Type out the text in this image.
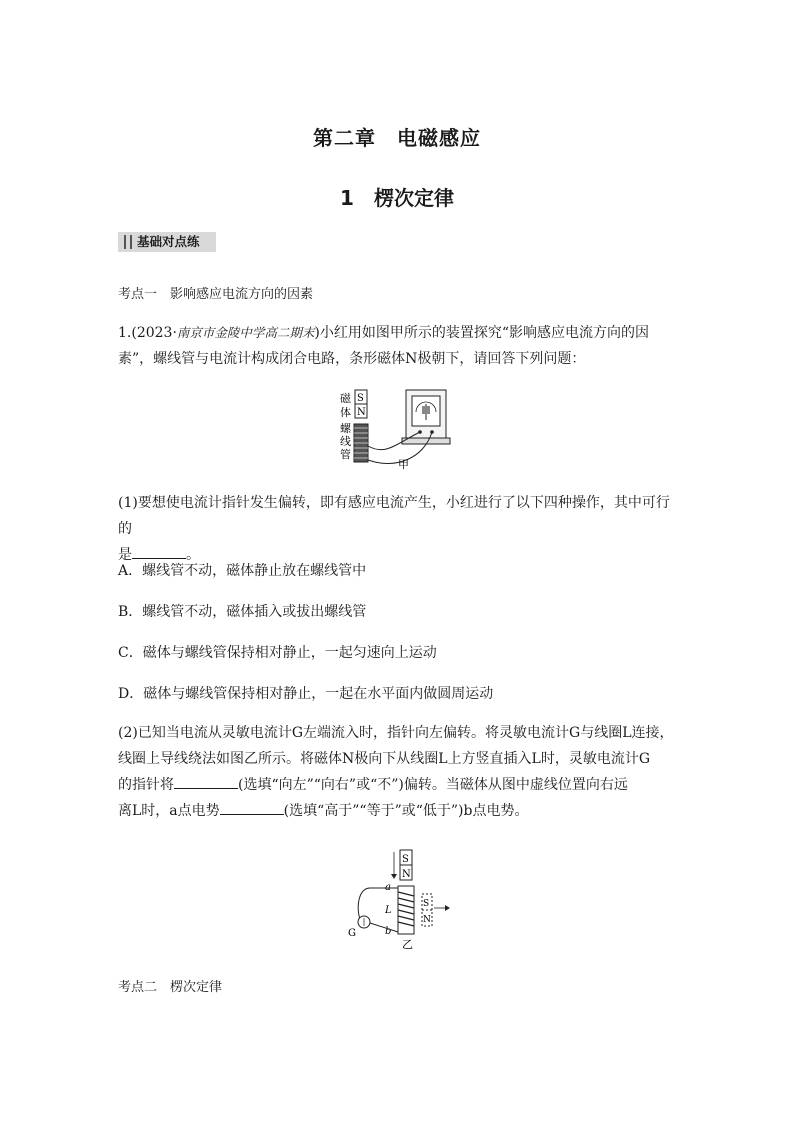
第二章　电磁感应
1　楞次定律
基础对点练
考点一　影响感应电流方向的因素
1.(2023·南京市金陵中学高二期末)小红用如图甲所示的装置探究“影响感应电流方向的因
素”，螺线管与电流计构成闭合电路，条形磁体N极朝下，请回答下列问题：
磁
体
螺
线
管
S
N
甲
(1)要想使电流计指针发生偏转，即有感应电流产生，小红进行了以下四种操作，其中可行的
是	。
A．螺线管不动，磁体静止放在螺线管中
B．螺线管不动，磁体插入或拔出螺线管
C．磁体与螺线管保持相对静止，一起匀速向上运动
D．磁体与螺线管保持相对静止，一起在水平面内做圆周运动
(2)已知当电流从灵敏电流计G左端流入时，指针向左偏转。将灵敏电流计G与线圈L连接，
线圈上导线绕法如图乙所示。将磁体N极向下从线圈L上方竖直插入L时，灵敏电流计G
的指针将	(选填“向左”“向右”或“不”)偏转。当磁体从图中虚线位置向右远
离L时，a点电势	(选填“高于”“等于”或“低于”)b点电势。
S
N
a
L
b
G
S
N
乙
考点二　楞次定律
